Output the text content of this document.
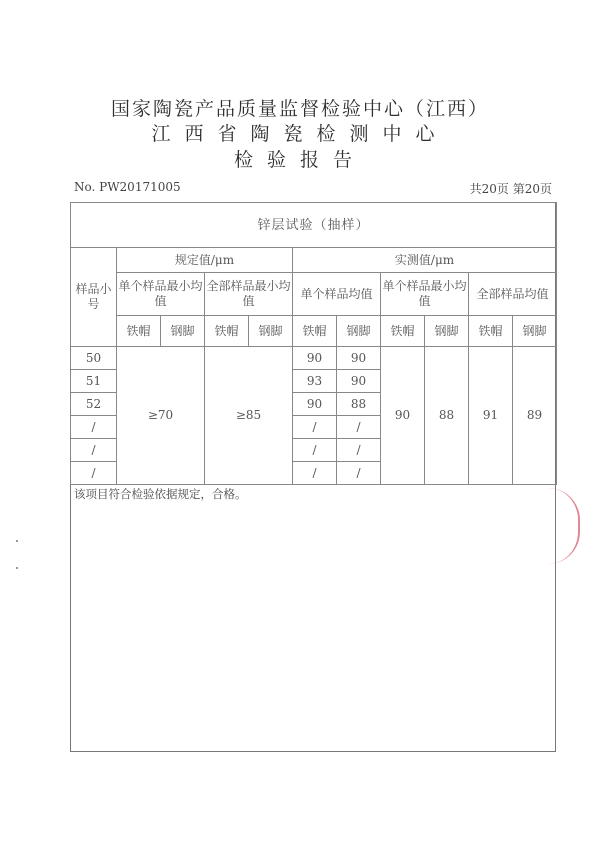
国家陶瓷产品质量监督检验中心（江西）
江西省陶瓷检测中心
检验报告
No. PW20171005	共20页 第20页
锌层试验（抽样）										
样品小号	规定值/μm				实测值/μm					
	单个样品最小均值		全部样品最小均值		单个样品均值		单个样品最小均值		全部样品均值	
	铁帽	钢脚	铁帽	钢脚	铁帽	钢脚	铁帽	钢脚	铁帽	钢脚
50	≥70		≥85		90	90	90	88	91	89
51					93	90				
52					90	88				
/					/	/				
/					/	/				
/					/	/				
该项目符合检验依据规定，合格。
